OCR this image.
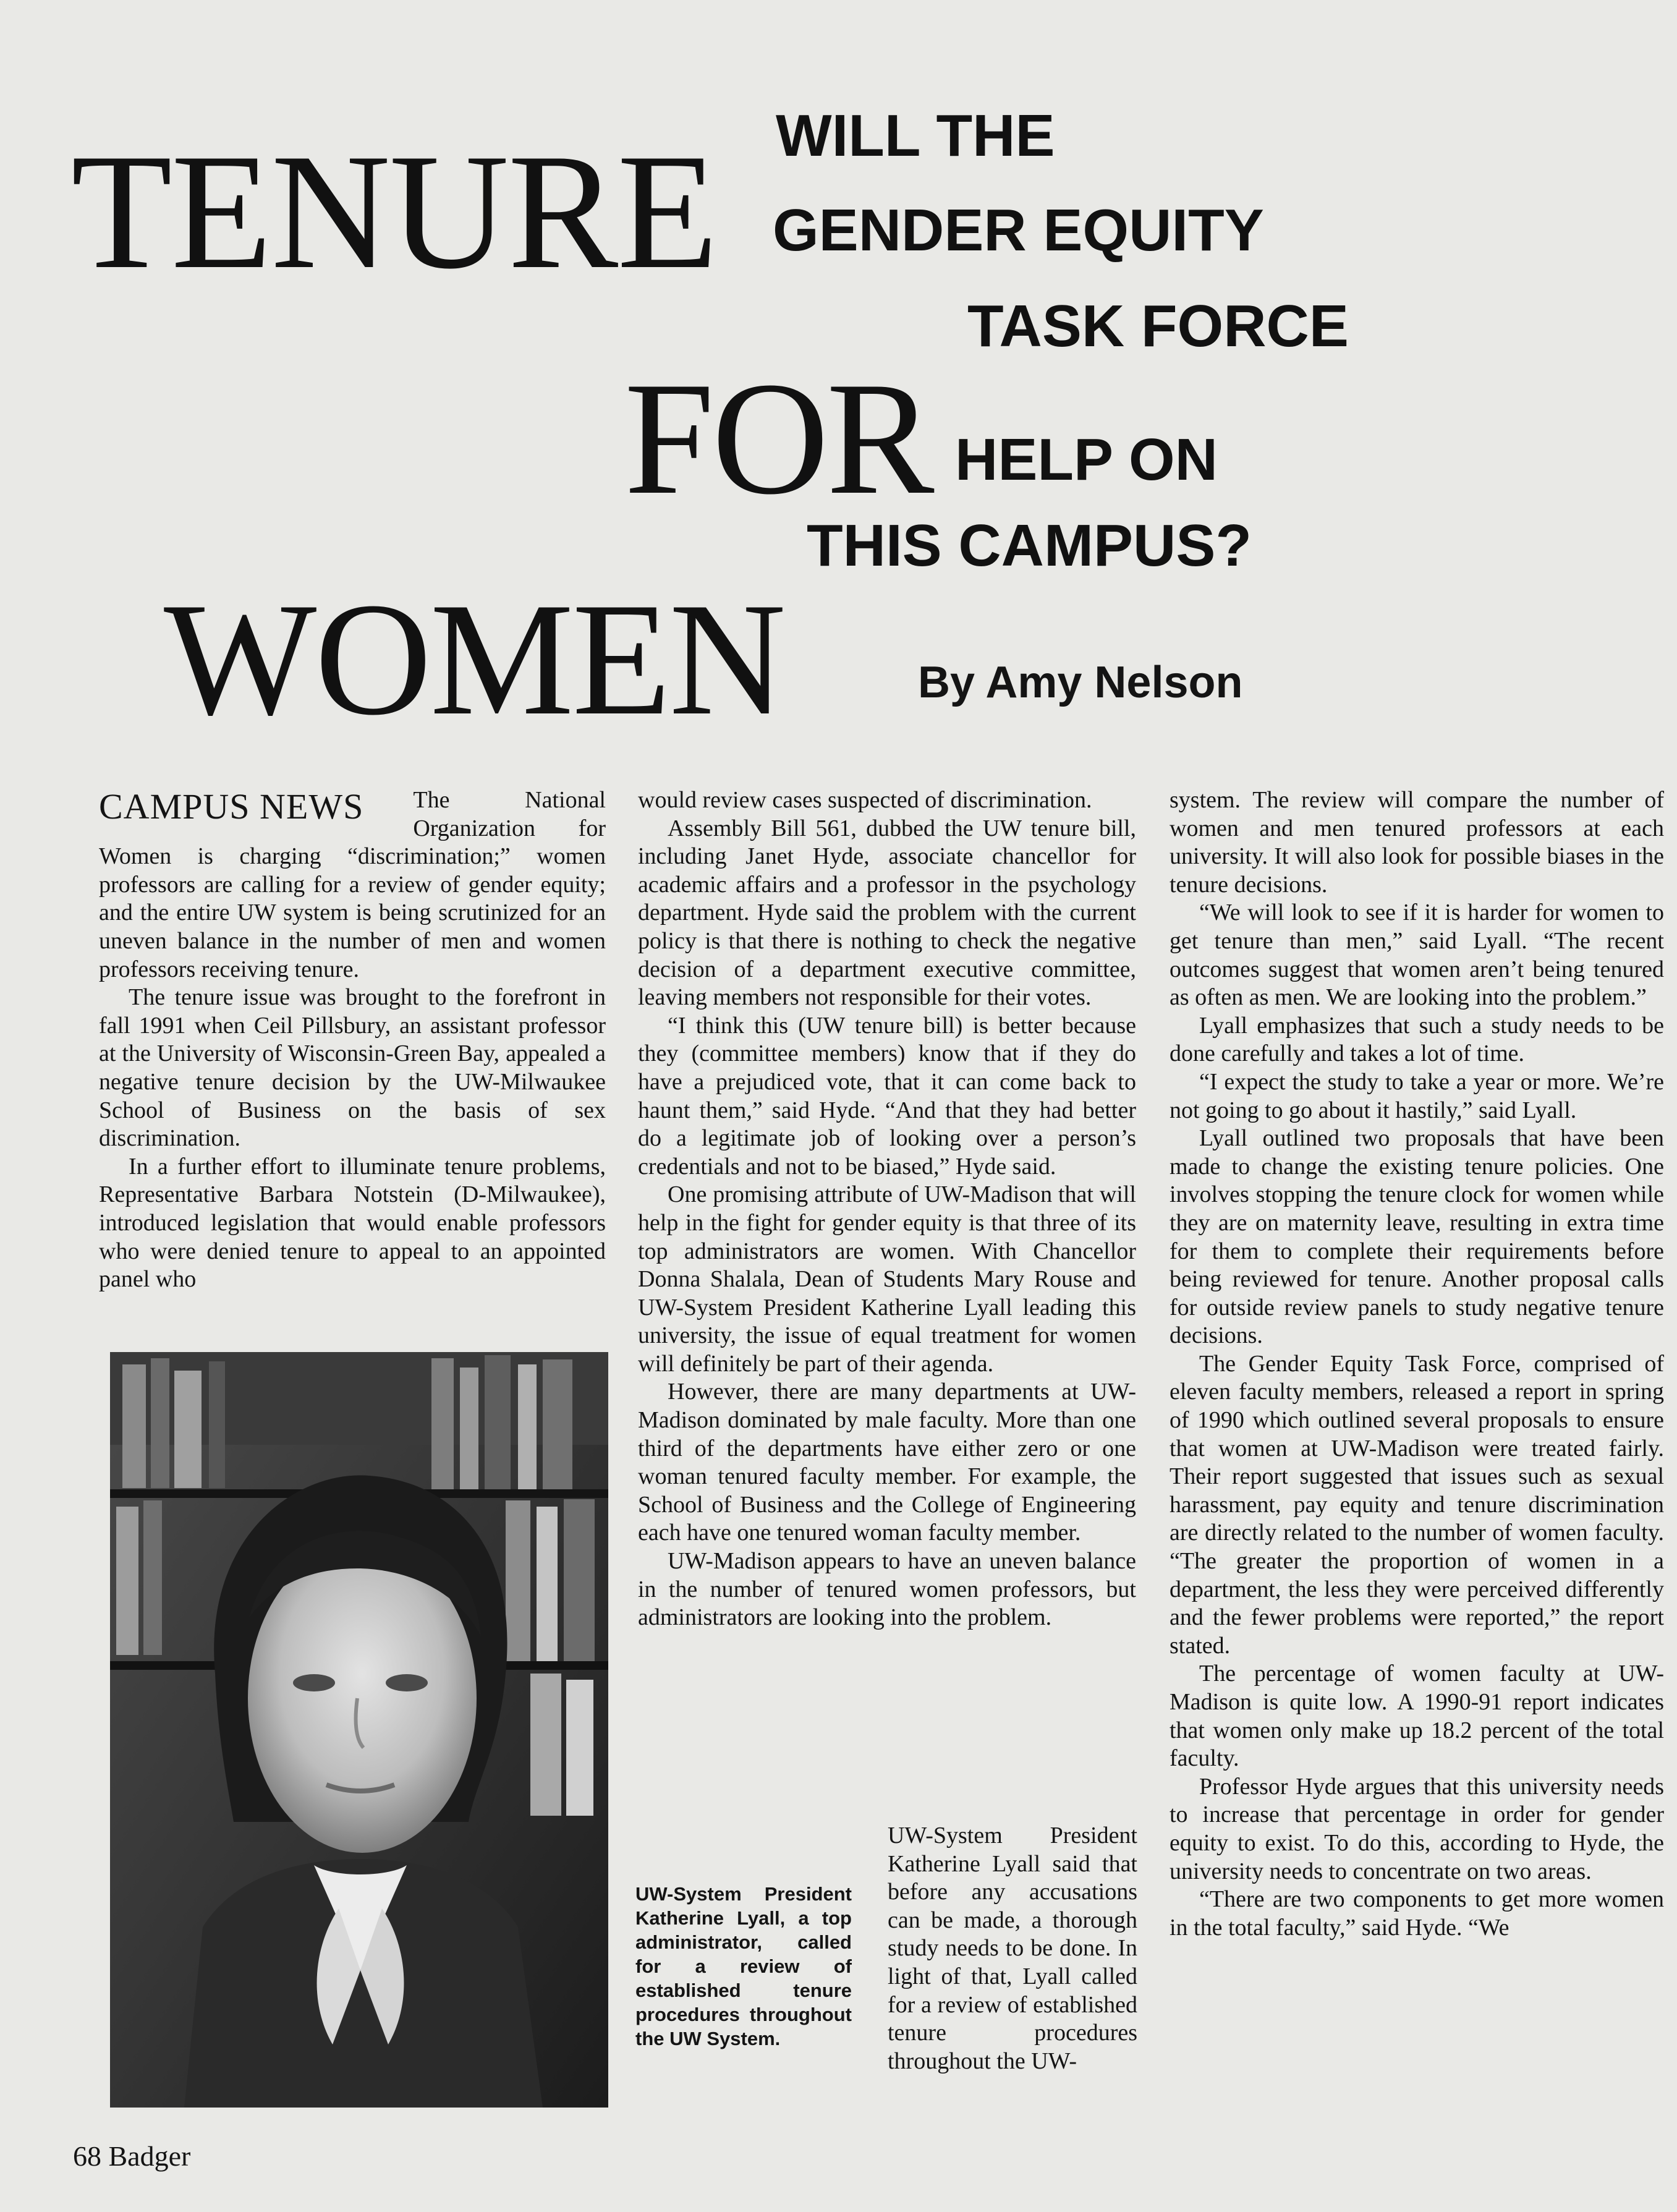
TENURE
FOR
WOMEN
WILL THE
GENDER EQUITY
TASK FORCE
HELP ON
THIS CAMPUS?
By Amy Nelson

CAMPUS NEWS The National Organization for Women is charging “discrimination;” women professors are calling for a review of gender equity; and the entire UW system is being scrutinized for an uneven balance in the number of men and women professors receiving tenure.

The tenure issue was brought to the forefront in fall 1991 when Ceil Pillsbury, an assistant professor at the University of Wisconsin-Green Bay, appealed a negative tenure decision by the UW-Milwaukee School of Business on the basis of sex discrimination.

In a further effort to illuminate tenure problems, Representative Barbara Notstein (D-Milwaukee), introduced legislation that would enable professors who were denied tenure to appeal to an appointed panel who

would review cases suspected of discrimination.

Assembly Bill 561, dubbed the UW tenure bill, including Janet Hyde, associate chancellor for academic affairs and a professor in the psychology department. Hyde said the problem with the current policy is that there is nothing to check the negative decision of a department executive committee, leaving members not responsible for their votes.

“I think this (UW tenure bill) is better because they (committee members) know that if they do have a prejudiced vote, that it can come back to haunt them,” said Hyde. “And that they had better do a legitimate job of looking over a person’s credentials and not to be biased,” Hyde said.

One promising attribute of UW-Madison that will help in the fight for gender equity is that three of its top administrators are women. With Chancellor Donna Shalala, Dean of Students Mary Rouse and UW-System President Katherine Lyall leading this university, the issue of equal treatment for women will definitely be part of their agenda.

However, there are many departments at UW-Madison dominated by male faculty. More than one third of the departments have either zero or one woman tenured faculty member. For example, the School of Business and the College of Engineering each have one tenured woman faculty member.

UW-Madison appears to have an uneven balance in the number of tenured women professors, but administrators are looking into the problem.

UW-System President Katherine Lyall, a top administrator, called for a review of established tenure procedures throughout the UW System.

UW-System President Katherine Lyall said that before any accusations can be made, a thorough study needs to be done. In light of that, Lyall called for a review of established tenure procedures throughout the UW-

system. The review will compare the number of women and men tenured professors at each university. It will also look for possible biases in the tenure decisions.

“We will look to see if it is harder for women to get tenure than men,” said Lyall. “The recent outcomes suggest that women aren’t being tenured as often as men. We are looking into the problem.”

Lyall emphasizes that such a study needs to be done carefully and takes a lot of time.

“I expect the study to take a year or more. We’re not going to go about it hastily,” said Lyall.

Lyall outlined two proposals that have been made to change the existing tenure policies. One involves stopping the tenure clock for women while they are on maternity leave, resulting in extra time for them to complete their requirements before being reviewed for tenure. Another proposal calls for outside review panels to study negative tenure decisions.

The Gender Equity Task Force, comprised of eleven faculty members, released a report in spring of 1990 which outlined several proposals to ensure that women at UW-Madison were treated fairly. Their report suggested that issues such as sexual harassment, pay equity and tenure discrimination are directly related to the number of women faculty. “The greater the proportion of women in a department, the less they were perceived differently and the fewer problems were reported,” the report stated.

The percentage of women faculty at UW-Madison is quite low. A 1990-91 report indicates that women only make up 18.2 percent of the total faculty.

Professor Hyde argues that this university needs to increase that percentage in order for gender equity to exist. To do this, according to Hyde, the university needs to concentrate on two areas.

“There are two components to get more women in the total faculty,” said Hyde. “We

68 Badger
